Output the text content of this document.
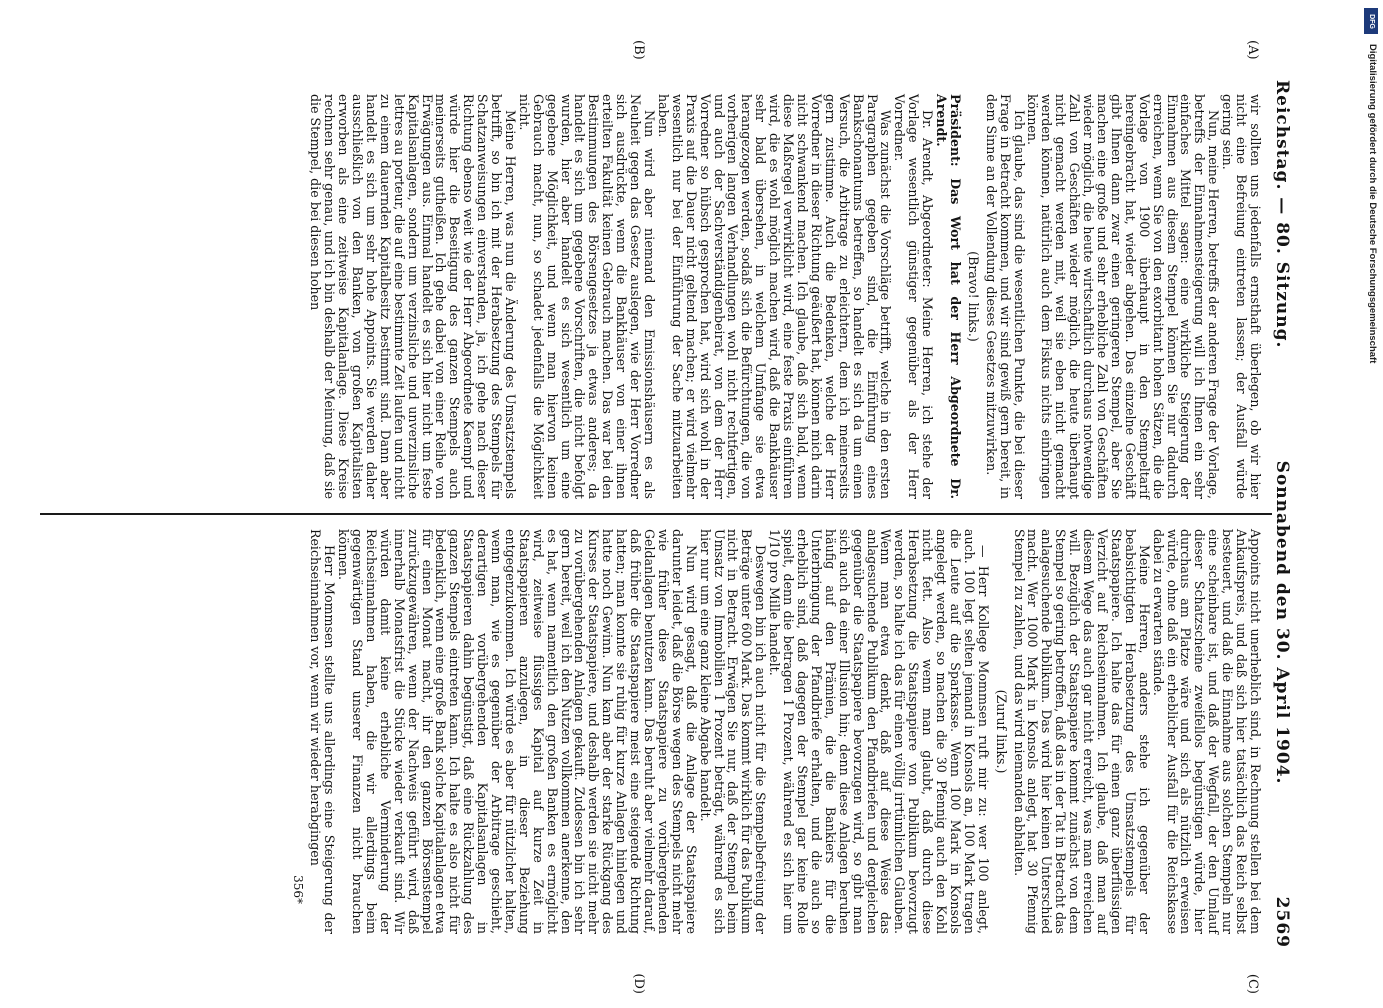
DFG
Digitalisierung gefördert durch die Deutsche Forschungsgemeinschaft
Reichstag. — 80. Sitzung.
Sonnabend den 30. April 1904.
2569
(A)
(B)
(C)
(D)

wir sollten uns jedenfalls ernsthaft überlegen, ob wir hier nicht eine Befreiung eintreten lassen; der Ausfall würde gering sein.

Nun, meine Herren, betreffs der anderen Frage der Vorlage, betreffs der Einnahmensteigerung will ich Ihnen ein sehr einfaches Mittel sagen: eine wirkliche Steigerung der Einnahmen aus diesem Stempel können Sie nur dadurch erreichen, wenn Sie von den exorbitant hohen Sätzen, die die Vorlage von 1900 überhaupt in den Stempeltarif hereingebracht hat, wieder abgehen. Das einzelne Geschäft gibt Ihnen dann zwar einen geringeren Stempel, aber Sie machen eine große und sehr erhebliche Zahl von Geschäften wieder möglich, die heute wirtschaftlich durchaus notwendige Zahl von Geschäften wieder möglich, die heute überhaupt nicht gemacht werden mit, weil sie eben nicht gemacht werden können, natürlich auch dem Fiskus nichts einbringen können.

Ich glaube, das sind die wesentlichen Punkte, die bei dieser Frage in Betracht kommen, und wir sind gewiß gern bereit, in dem Sinne an der Vollendung dieses Gesetzes mitzuwirken.

(Bravo! links.)

Präsident: Das Wort hat der Herr Abgeordnete Dr. Arendt.

Dr. Arendt, Abgeordneter: Meine Herren, ich stehe der Vorlage wesentlich günstiger gegenüber als der Herr Vorredner.

Was zunächst die Vorschläge betrifft, welche in den ersten Paragraphen gegeben sind, die Einführung eines Bankschonantums betreffen, so handelt es sich da um einen Versuch, die Arbitrage zu erleichtern, dem ich meinerseits gern zustimme. Auch die Bedenken, welche der Herr Vorredner in dieser Richtung geäußert hat, können mich darin nicht schwankend machen. Ich glaube, daß sich bald, wenn diese Maßregel verwirklicht wird, eine feste Praxis einführen wird, die es wohl möglich machen wird, daß die Bankhäuser sehr bald übersehen, in welchem Umfange sie etwa herangezogen werden, sodaß sich die Befürchtungen, die von vorherigen langen Verhandlungen wohl nicht rechtfertigen, und auch der Sachverständigenbeirat, von dem der Herr Vorredner so hübsch gesprochen hat, wird sich wohl in der Praxis auf die Dauer nicht geltend machen; er wird vielmehr wesentlich nur bei der Einführung der Sache mitzuarbeiten haben.

Nun wird aber niemand den Emissionshäusern es als Neuheit gegen das Gesetz auslegen, wie der Herr Vorredner sich ausdrückte, wenn die Bankhäuser von einer ihnen erteilten Fakultät keinen Gebrauch machen. Das war bei den Bestimmungen des Börsengesetzes ja etwas anderes; da handelt es sich um gegebene Vorschriften, die nicht befolgt wurden, hier aber handelt es sich wesentlich um eine gegebene Möglichkeit, und wenn man hiervon keinen Gebrauch macht, nun, so schadet jedenfalls die Möglichkeit nicht.

Meine Herren, was nun die Änderung des Umsatzstempels betrifft, so bin ich mit der Herabsetzung des Stempels für Schatzanweisungen einverstanden, ja, ich gehe nach dieser Richtung ebenso weit wie der Herr Abgeordnete Kaempf und würde hier die Beseitigung des ganzen Stempels auch meinerseits gutheißen. Ich gehe dabei von einer Reihe von Erwägungen aus. Einmal handelt es sich hier nicht um feste Kapitalsanlagen, sondern um verzinsliche und unverzinsliche lettres au porteur, die auf eine bestimmte Zeit laufen und nicht zu einem dauernden Kapitalbesitz bestimmt sind. Dann aber handelt es sich um sehr hohe Appoints. Sie werden daher ausschließlich von den Banken, von großen Kapitalisten erworben als eine zeitweise Kapitalanlage. Diese Kreise rechnen sehr genau, und ich bin deshalb der Meinung, daß sie die Stempel, die bei diesen hohen

Appoints nicht unerheblich sind, in Rechnung stellen bei dem Ankaufspreis, und daß sich hier tatsächlich das Reich selbst besteuert, und daß die Einnahme aus solchen Stempeln nur eine scheinbare ist, und daß der Wegfall, der den Umlauf dieser Schatzscheine zweifellos begünstigen würde, hier durchaus am Platze wäre und sich als nützlich erweisen würde, ohne daß ein erheblicher Ausfall für die Reichskasse dabei zu erwarten stände.

Meine Herren, anders stehe ich gegenüber der beabsichtigten Herabsetzung des Umsatzstempels für Staatspapiere. Ich halte das für einen ganz überflüssigen Verzicht auf Reichseinnahmen. Ich glaube, daß man auf diesem Wege das auch gar nicht erreicht, was man erreichen will. Bezüglich der Staatspapiere kommt zunächst von dem Stempel so gering betroffen, daß das in der Tat in Betracht das anlagesuchende Publikum. Das wird hier keinen Unterschied macht. Wer 1000 Mark in Konsols anlegt, hat 30 Pfennig Stempel zu zahlen, und das wird niemanden abhalten.

(Zuruf links.)

— Herr Kollege Mommsen ruft mir zu: wer 100 anlegt, auch. 100 legt selten jemand in Konsols an, 100 Mark tragen die Leute auf die Sparkasse. Wenn 100 Mark in Konsols angelegt werden, so machen die 30 Pfennig auch den Kohl nicht fett. Also wenn man glaubt, daß durch diese Herabsetzung die Staatspapiere von Publikum bevorzugt werden, so halte ich das für einen völlig irrtümlichen Glauben. Wenn man etwa denkt, daß auf diese Weise das anlagesuchende Publikum den Pfandbriefen und dergleichen gegenüber die Staatspapiere bevorzugen wird, so gibt man sich auch da einer Illusion hin; denn diese Anlagen beruhen häufig auf den Prämien, die die Bankiers für die Unterbringung der Pfandbriefe erhalten, und die auch so erheblich sind, daß dagegen der Stempel gar keine Rolle spielt, denn die betragen 1 Prozent, während es sich hier um 1/10 pro Mille handelt.

Deswegen bin ich auch nicht für die Stempelbefreiung der Beträge unter 600 Mark. Das kommt wirklich für das Publikum nicht in Betracht. Erwägen Sie nur, daß der Stempel beim Umsatz von Immobilien 1 Prozent beträgt, während es sich hier nur um eine ganz kleine Abgabe handelt.

Nun wird gesagt, daß die Anlage der Staatspapiere darunter leidet, daß die Börse wegen des Stempels nicht mehr wie früher diese Staatspapiere zu vorübergehenden Geldanlagen benutzen kann. Das beruht aber vielmehr darauf, daß früher die Staatspapiere meist eine steigende Richtung hatten; man konnte sie ruhig für kurze Anlagen hinlegen und hatte noch Gewinn. Nun kam aber der starke Rückgang des Kurses der Staatspapiere, und deshalb werden sie nicht mehr zu vorübergehenden Anlagen gekauft. Zudessen bin ich sehr gern bereit, weil ich den Nutzen vollkommen anerkenne, den es hat, wenn namentlich den großen Banken es ermöglicht wird, zeitweise flüssiges Kapital auf kurze Zeit in Staatspapieren anzulegen, in dieser Beziehung entgegenzukommen. Ich würde es aber für nützlicher halten, wenn man, wie es gegenüber der Arbitrage geschieht, derartigen vorübergehenden Kapitalsanlagen in Staatspapieren dahin begünstigt, daß eine Rückzahlung des ganzen Stempels eintreten kann. Ich halte es also nicht für bedenklich, wenn eine große Bank solche Kapitalanlagen etwa für einen Monat macht, ihr den ganzen Börsenstempel zurückzugewähren, wenn der Nachweis geführt wird, daß innerhalb Monatsfrist die Stücke wieder verkauft sind. Wir würden damit keine erhebliche Verminderung der Reichseinnahmen haben, die wir allerdings beim gegenwärtigen Stand unserer Finanzen nicht brauchen können.

Herr Mommsen stellte uns allerdings eine Steigerung der Reichseinnahmen vor, wenn wir wieder herabgingen

356*
